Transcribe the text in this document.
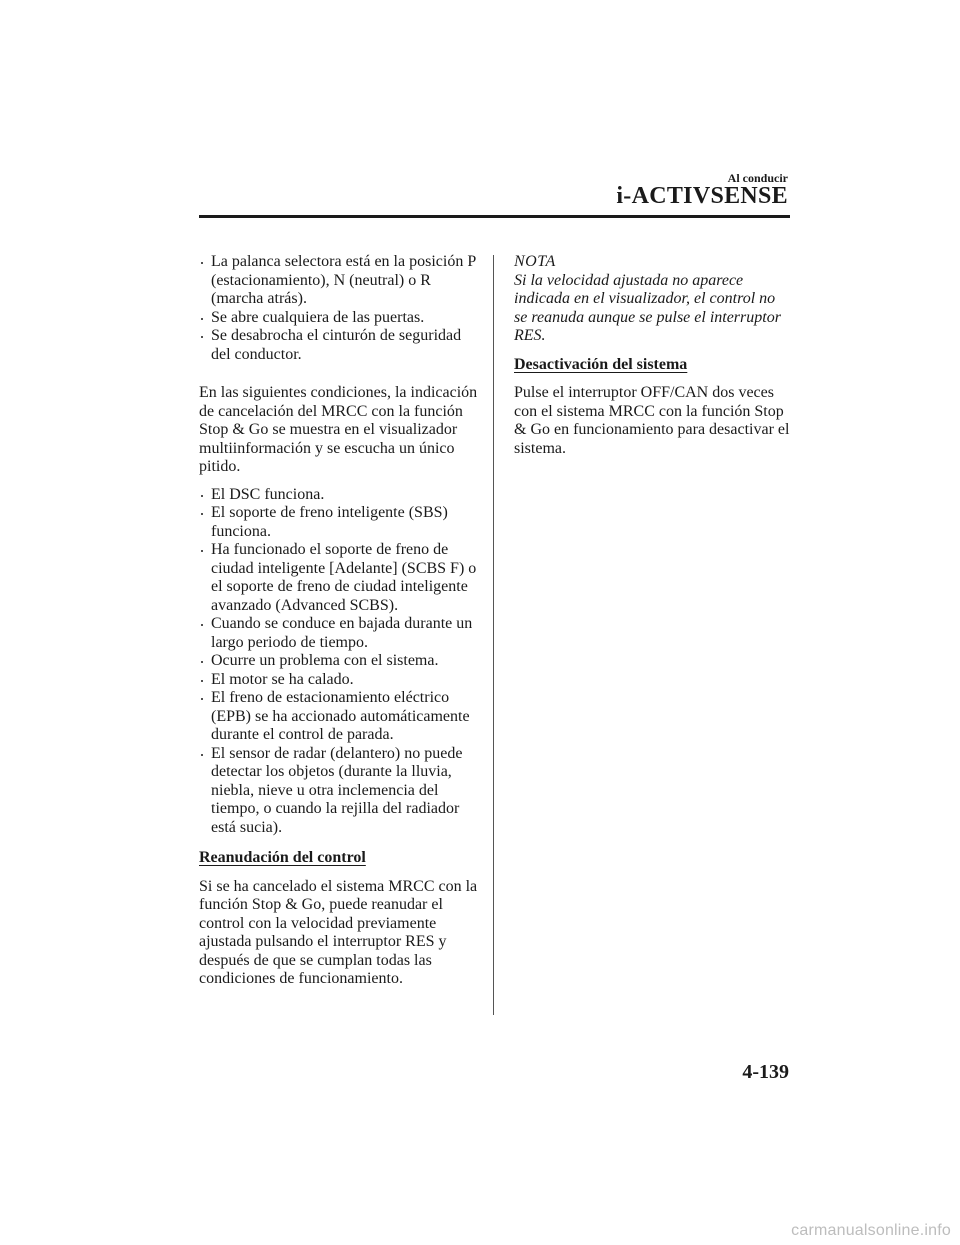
Al conducir
i-ACTIVSENSE
La palanca selectora está en la posición P (estacionamiento), N (neutral) o R (marcha atrás).
Se abre cualquiera de las puertas.
Se desabrocha el cinturón de seguridad del conductor.

En las siguientes condiciones, la indicación de cancelación del MRCC con la función Stop & Go se muestra en el visualizador multiinformación y se escucha un único pitido.

El DSC funciona.
El soporte de freno inteligente (SBS) funciona.
Ha funcionado el soporte de freno de ciudad inteligente [Adelante] (SCBS F) o el soporte de freno de ciudad inteligente avanzado (Advanced SCBS).
Cuando se conduce en bajada durante un largo periodo de tiempo.
Ocurre un problema con el sistema.
El motor se ha calado.
El freno de estacionamiento eléctrico (EPB) se ha accionado automáticamente durante el control de parada.
El sensor de radar (delantero) no puede detectar los objetos (durante la lluvia, niebla, nieve u otra inclemencia del tiempo, o cuando la rejilla del radiador está sucia).
Reanudación del control

Si se ha cancelado el sistema MRCC con la función Stop & Go, puede reanudar el control con la velocidad previamente ajustada pulsando el interruptor RES y después de que se cumplan todas las condiciones de funcionamiento.

NOTA

Si la velocidad ajustada no aparece indicada en el visualizador, el control no se reanuda aunque se pulse el interruptor RES.

Desactivación del sistema

Pulse el interruptor OFF/CAN dos veces con el sistema MRCC con la función Stop & Go en funcionamiento para desactivar el sistema.

4-139
carmanualsonline.info
